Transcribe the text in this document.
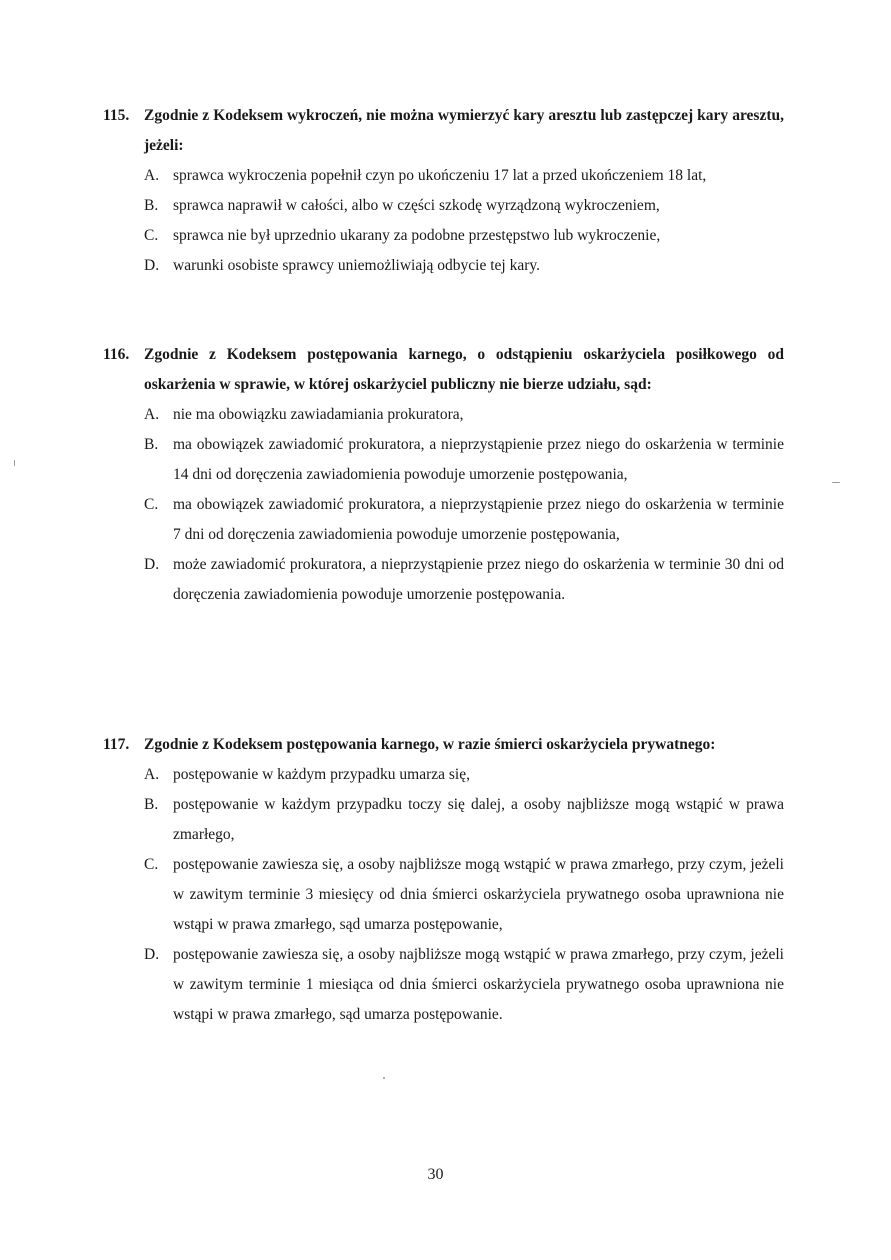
115. Zgodnie z Kodeksem wykroczeń, nie można wymierzyć kary aresztu lub zastępczej kary aresztu, jeżeli:
A. sprawca wykroczenia popełnił czyn po ukończeniu 17 lat a przed ukończeniem 18 lat,
B. sprawca naprawił w całości, albo w części szkodę wyrządzoną wykroczeniem,
C. sprawca nie był uprzednio ukarany za podobne przestępstwo lub wykroczenie,
D. warunki osobiste sprawcy uniemożliwiają odbycie tej kary.
116. Zgodnie z Kodeksem postępowania karnego, o odstąpieniu oskarżyciela posiłkowego od oskarżenia w sprawie, w której oskarżyciel publiczny nie bierze udziału, sąd:
A. nie ma obowiązku zawiadamiania prokuratora,
B. ma obowiązek zawiadomić prokuratora, a nieprzystąpienie przez niego do oskarżenia w terminie 14 dni od doręczenia zawiadomienia powoduje umorzenie postępowania,
C. ma obowiązek zawiadomić prokuratora, a nieprzystąpienie przez niego do oskarżenia w terminie 7 dni od doręczenia zawiadomienia powoduje umorzenie postępowania,
D. może zawiadomić prokuratora, a nieprzystąpienie przez niego do oskarżenia w terminie 30 dni od doręczenia zawiadomienia powoduje umorzenie postępowania.
117. Zgodnie z Kodeksem postępowania karnego, w razie śmierci oskarżyciela prywatnego:
A. postępowanie w każdym przypadku umarza się,
B. postępowanie w każdym przypadku toczy się dalej, a osoby najbliższe mogą wstąpić w prawa zmarłego,
C. postępowanie zawiesza się, a osoby najbliższe mogą wstąpić w prawa zmarłego, przy czym, jeżeli w zawitym terminie 3 miesięcy od dnia śmierci oskarżyciela prywatnego osoba uprawniona nie wstąpi w prawa zmarłego, sąd umarza postępowanie,
D. postępowanie zawiesza się, a osoby najbliższe mogą wstąpić w prawa zmarłego, przy czym, jeżeli w zawitym terminie 1 miesiąca od dnia śmierci oskarżyciela prywatnego osoba uprawniona nie wstąpi w prawa zmarłego, sąd umarza postępowanie.
30
